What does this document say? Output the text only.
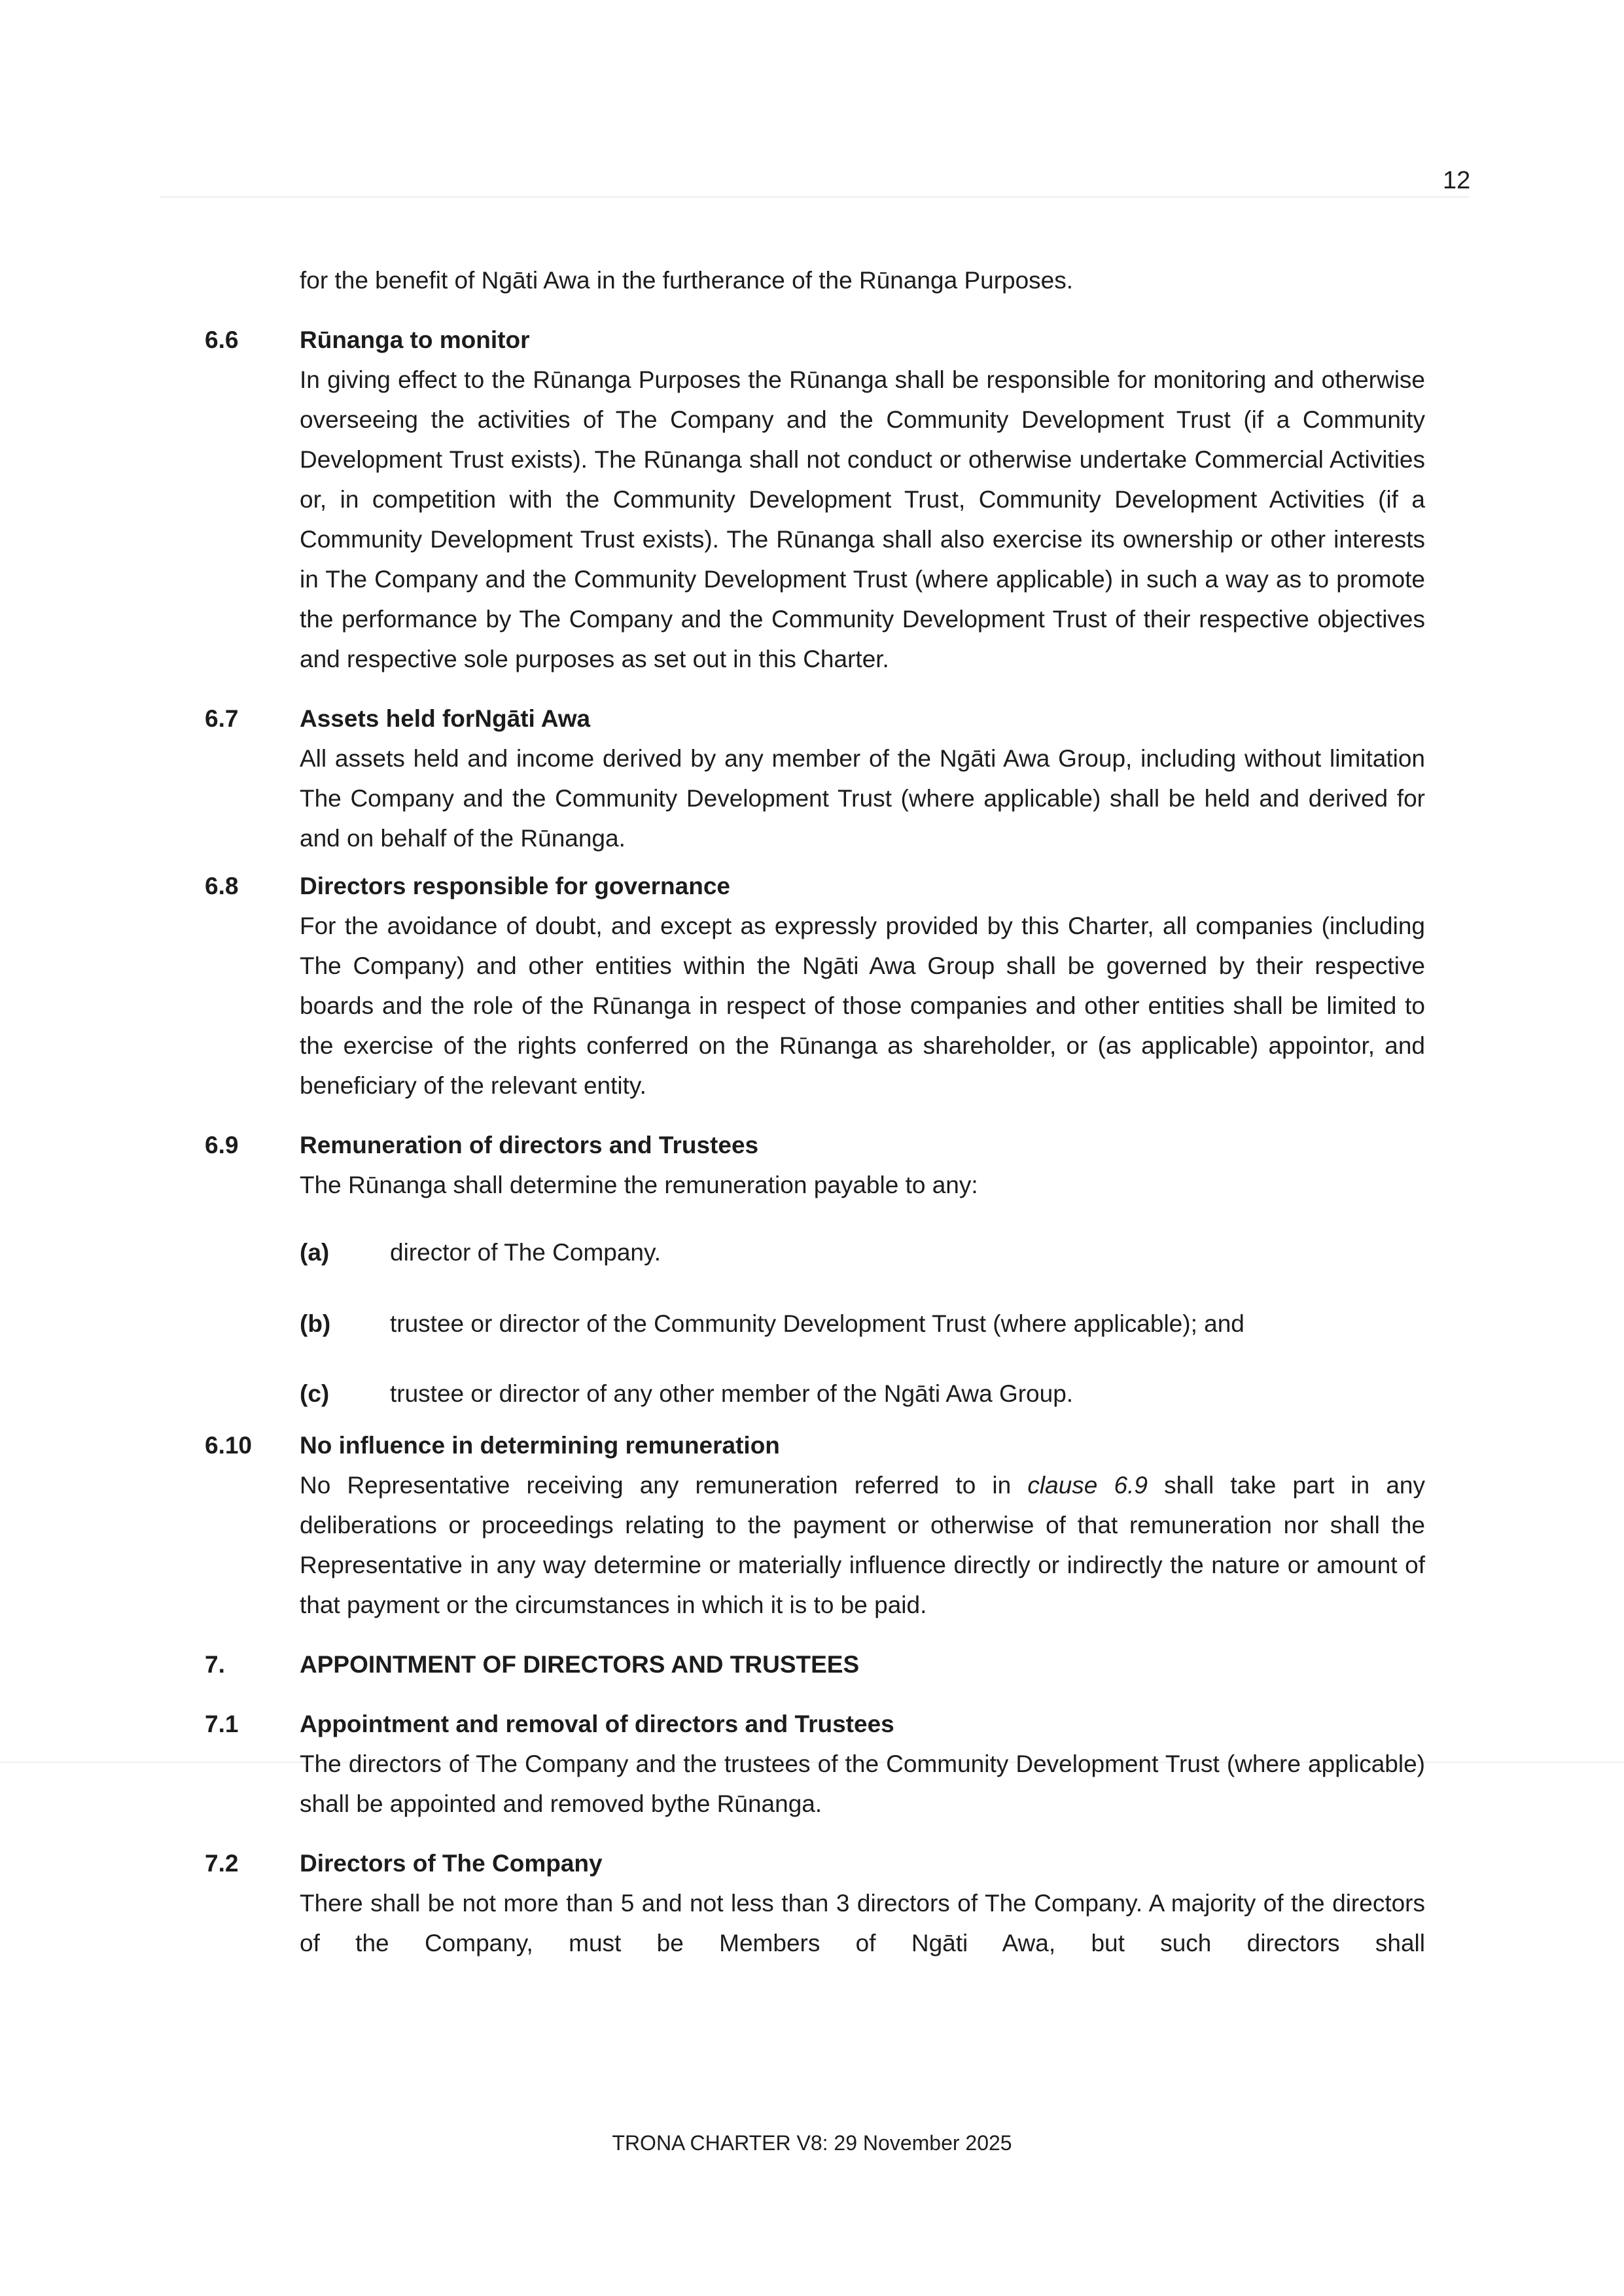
12
for the benefit of Ngāti Awa in the furtherance of the Rūnanga Purposes.
6.6	Rūnanga to monitor
In giving effect to the Rūnanga Purposes the Rūnanga shall be responsible for monitoring and otherwise overseeing the activities of The Company and the Community Development Trust (if a Community Development Trust exists). The Rūnanga shall not conduct or otherwise undertake Commercial Activities or, in competition with the Community Development Trust, Community Development Activities (if a Community Development Trust exists). The Rūnanga shall also exercise its ownership or other interests in The Company and the Community Development Trust (where applicable) in such a way as to promote the performance by The Company and the Community Development Trust of their respective objectives and respective sole purposes as set out in this Charter.
6.7	Assets held forNgāti Awa
All assets held and income derived by any member of the Ngāti Awa Group, including without limitation The Company and the Community Development Trust (where applicable) shall be held and derived for and on behalf of the Rūnanga.
6.8	Directors responsible for governance
For the avoidance of doubt, and except as expressly provided by this Charter, all companies (including The Company) and other entities within the Ngāti Awa Group shall be governed by their respective boards and the role of the Rūnanga in respect of those companies and other entities shall be limited to the exercise of the rights conferred on the Rūnanga as shareholder, or (as applicable) appointor, and beneficiary of the relevant entity.
6.9	Remuneration of directors and Trustees
The Rūnanga shall determine the remuneration payable to any:
(a)	director of The Company.
(b) trustee or director of the Community Development Trust (where applicable); and
(c)	trustee or director of any other member of the Ngāti Awa Group.
6.10	No influence in determining remuneration
No Representative receiving any remuneration referred to in clause 6.9 shall take part in any deliberations or proceedings relating to the payment or otherwise of that remuneration nor shall the Representative in any way determine or materially influence directly or indirectly the nature or amount of that payment or the circumstances in which it is to be paid.
7.	APPOINTMENT OF DIRECTORS AND TRUSTEES
7.1	Appointment and removal of directors and Trustees
The directors of The Company and the trustees of the Community Development Trust (where applicable) shall be appointed and removed bythe Rūnanga.
7.2	Directors of The Company
There shall be not more than 5 and not less than 3 directors of The Company. A majority of the directors of the Company, must be Members of Ngāti Awa, but such directors shall
TRONA CHARTER V8: 29 November 2025
